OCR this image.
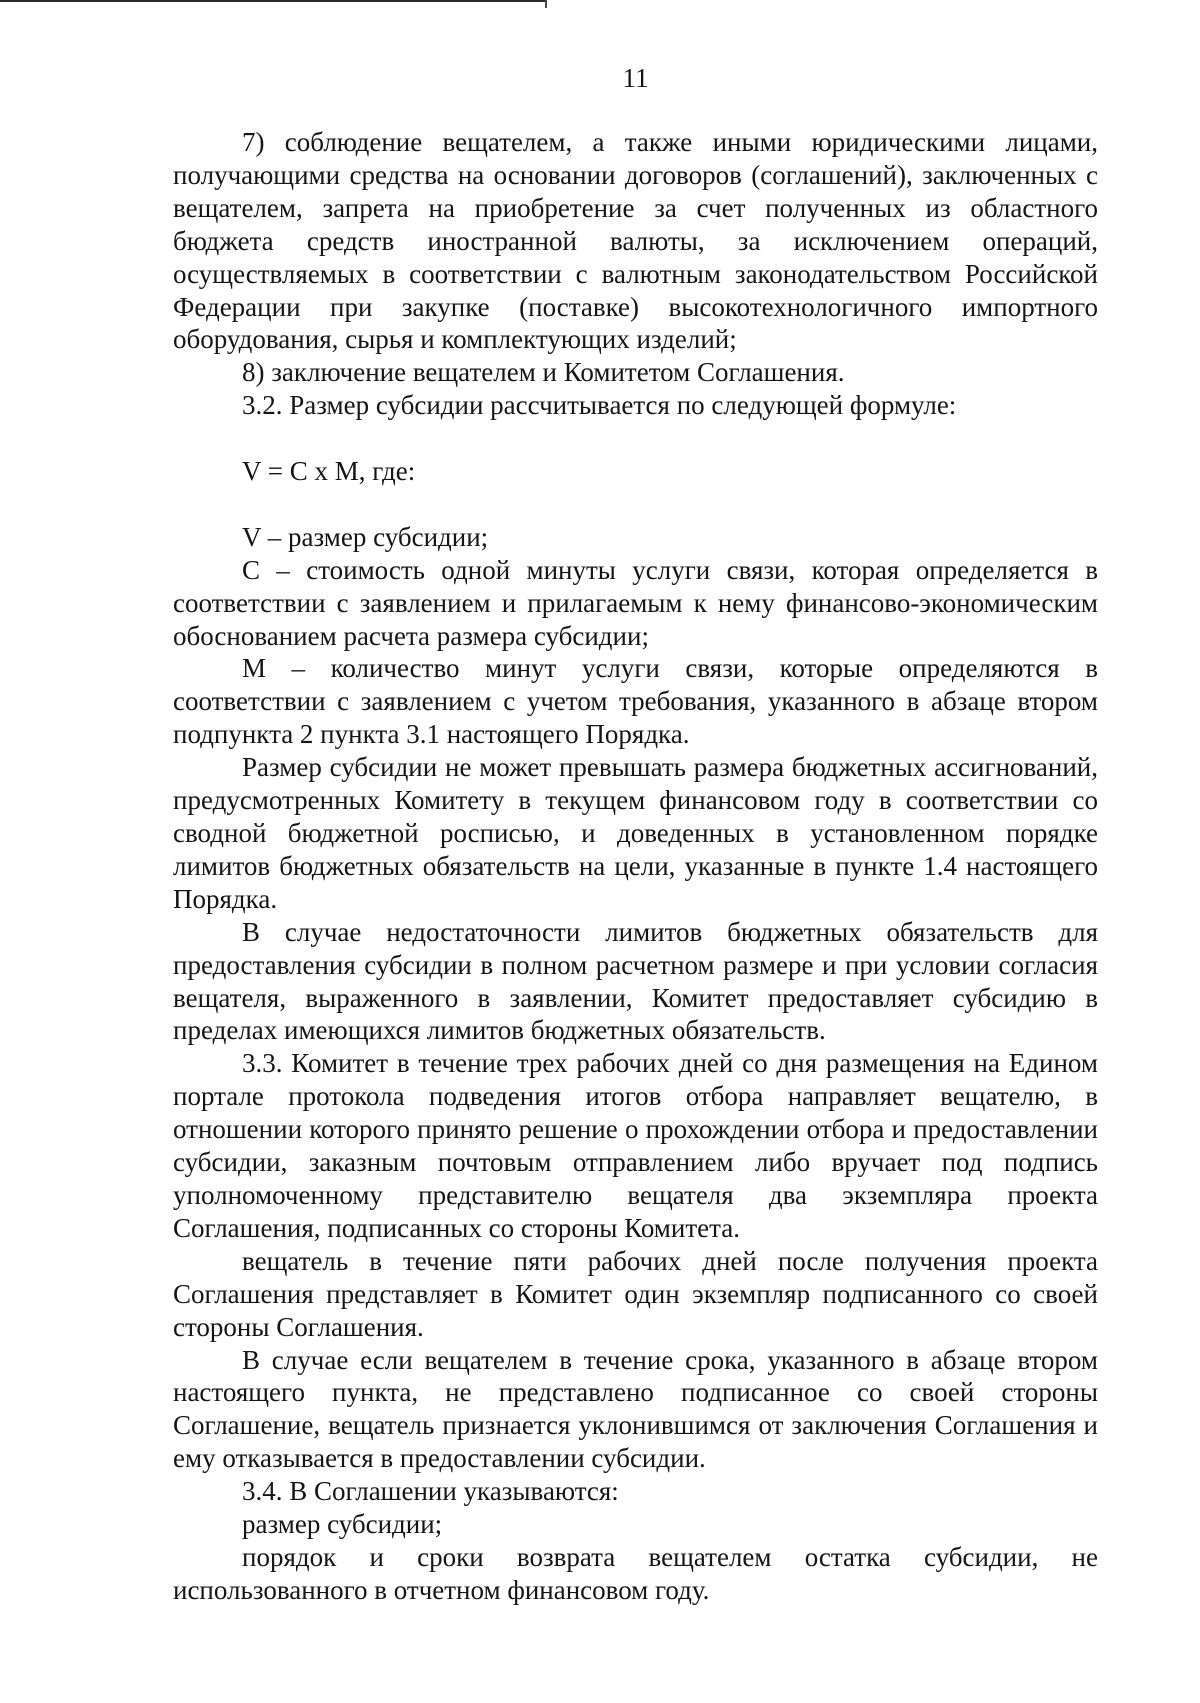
11

7) соблюдение вещателем, а также иными юридическими лицами, получающими средства на основании договоров (соглашений), заключенных с вещателем, запрета на приобретение за счет полученных из областного бюджета средств иностранной валюты, за исключением операций, осуществляемых в соответствии с валютным законодательством Российской Федерации при закупке (поставке) высокотехнологичного импортного оборудования, сырья и комплектующих изделий;

8) заключение вещателем и Комитетом Соглашения.

3.2. Размер субсидии рассчитывается по следующей формуле:

V = C x M, где:

V – размер субсидии;

C – стоимость одной минуты услуги связи, которая определяется в соответствии с заявлением и прилагаемым к нему финансово-экономическим обоснованием расчета размера субсидии;

M – количество минут услуги связи, которые определяются в соответствии с заявлением с учетом требования, указанного в абзаце втором подпункта 2 пункта 3.1 настоящего Порядка.

Размер субсидии не может превышать размера бюджетных ассигнований, предусмотренных Комитету в текущем финансовом году в соответствии со сводной бюджетной росписью, и доведенных в установленном порядке лимитов бюджетных обязательств на цели, указанные в пункте 1.4 настоящего Порядка.

В случае недостаточности лимитов бюджетных обязательств для предоставления субсидии в полном расчетном размере и при условии согласия вещателя, выраженного в заявлении, Комитет предоставляет субсидию в пределах имеющихся лимитов бюджетных обязательств.

3.3. Комитет в течение трех рабочих дней со дня размещения на Едином портале протокола подведения итогов отбора направляет вещателю, в отношении которого принято решение о прохождении отбора и предоставлении субсидии, заказным почтовым отправлением либо вручает под подпись уполномоченному представителю вещателя два экземпляра проекта Соглашения, подписанных со стороны Комитета.

вещатель в течение пяти рабочих дней после получения проекта Соглашения представляет в Комитет один экземпляр подписанного со своей стороны Соглашения.

В случае если вещателем в течение срока, указанного в абзаце втором настоящего пункта, не представлено подписанное со своей стороны Соглашение, вещатель признается уклонившимся от заключения Соглашения и ему отказывается в предоставлении субсидии.

3.4. В Соглашении указываются:

размер субсидии;

порядок и сроки возврата вещателем остатка субсидии, не использованного в отчетном финансовом году.
